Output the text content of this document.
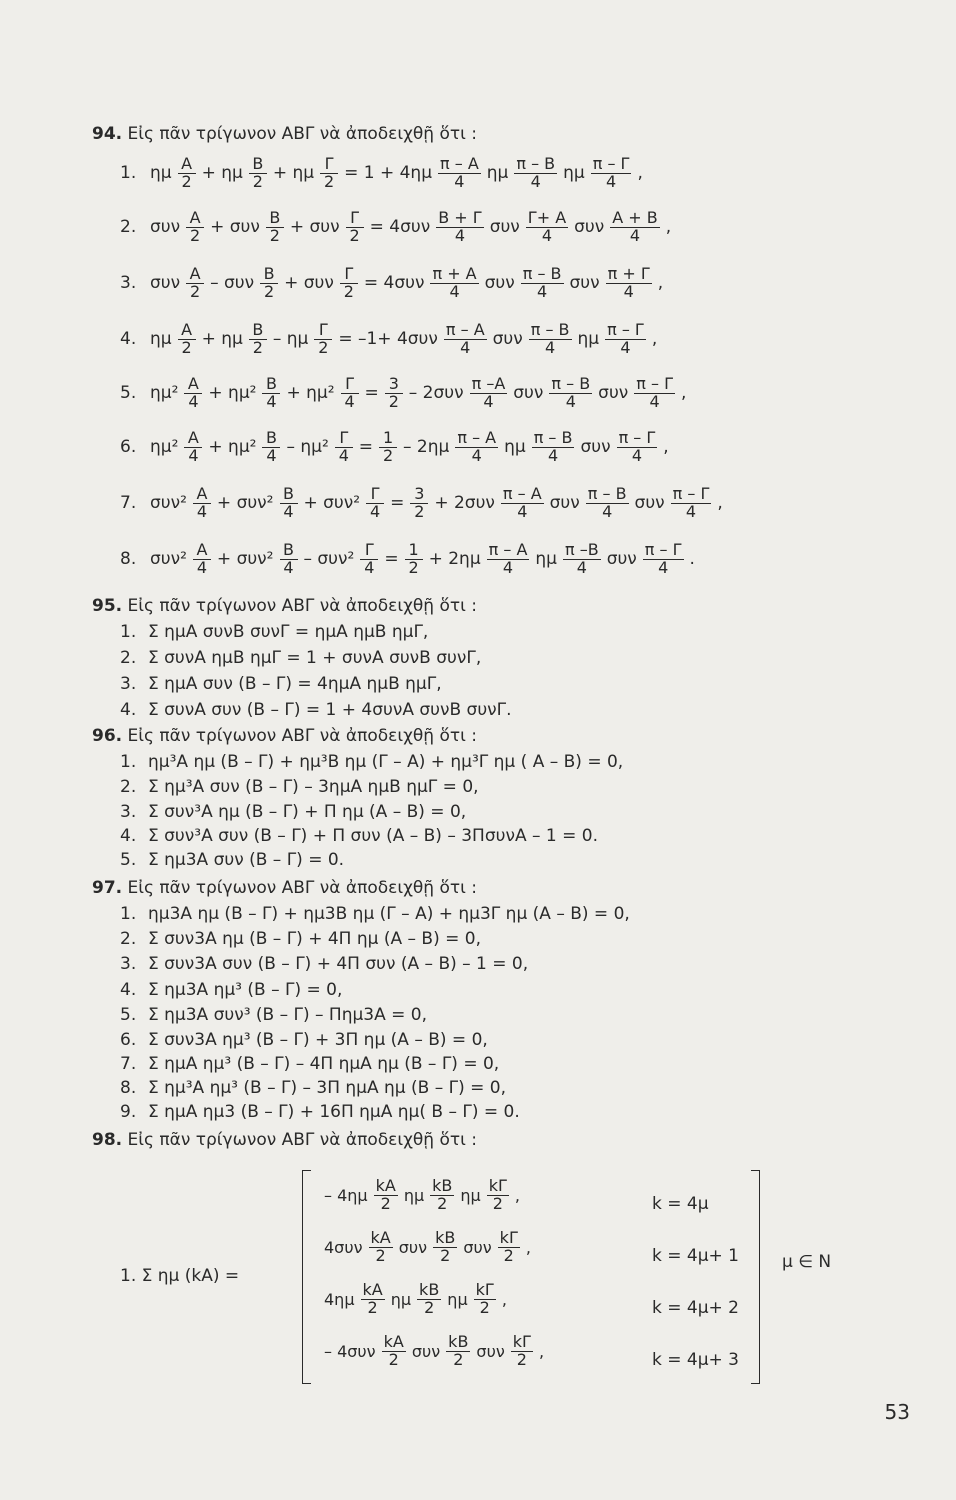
94. Εἰς πᾶν τρίγωνον ΑΒΓ νὰ ἀποδειχθῇ ὅτι :
1. ημ $\frac{A}{2} + \eta\mu \frac{B}{2} + \eta\mu \frac{\Gamma}{2} = 1 + 4\eta\mu \frac{\pi - A}{4}$ ημ $\frac{\pi - B}{4}$ ημ $\frac{\pi - \Gamma}{4}$ ,
2. συν $\frac{A}{2} + \sigma\upsilon\nu \frac{B}{2} + \sigma\upsilon\nu \frac{\Gamma}{2} = 4\sigma\upsilon\nu \frac{B + \Gamma}{4}$ συν $\frac{\Gamma+ A}{4}$ συν $\frac{A + B}{4}$ ,
3. συν $\frac{A}{2} - \sigma\upsilon\nu \frac{B}{2} + \sigma\upsilon\nu \frac{\Gamma}{2} = 4\sigma\upsilon\nu \frac{\pi + A}{4}$ συν $\frac{\pi - B}{4}$ συν $\frac{\pi + \Gamma}{4}$ ,
4. ημ $\frac{A}{2} + \eta\mu \frac{B}{2} - \eta\mu \frac{\Gamma}{2} = -1+ 4\sigma\upsilon\nu \frac{\pi - A}{4}$ συν $\frac{\pi - B}{4}$ ημ $\frac{\pi - \Gamma}{4}$ ,
5. $\eta\mu^2 \frac{A}{4} + \eta\mu^2 \frac{B}{4} + \eta\mu^2 \frac{\Gamma}{4} = \frac{3}{2} - 2\sigma\upsilon\nu \frac{\pi -A}{4}$ συν $\frac{\pi - B}{4}$ συν $\frac{\pi - \Gamma}{4}$ ,
6. $\eta\mu^2 \frac{A}{4} + \eta\mu^2 \frac{B}{4} - \eta\mu^2 \frac{\Gamma}{4} = \frac{1}{2} - 2\eta\mu \frac{\pi - A}{4}$ ημ $\frac{\pi - B}{4}$ συν $\frac{\pi - \Gamma}{4}$ ,
7. $\sigma\upsilon\nu^2 \frac{A}{4} + \sigma\upsilon\nu^2 \frac{B}{4} + \sigma\upsilon\nu^2 \frac{\Gamma}{4} = \frac{3}{2} + 2\sigma\upsilon\nu \frac{\pi - A}{4}$ συν $\frac{\pi - B}{4}$ συν $\frac{\pi - \Gamma}{4}$ ,
8. $\sigma\upsilon\nu^2 \frac{A}{4} + \sigma\upsilon\nu^2 \frac{B}{4} - \sigma\upsilon\nu^2 \frac{\Gamma}{4} = \frac{1}{2} + 2\eta\mu \frac{\pi - A}{4}$ ημ $\frac{\pi -B}{4}$ συν $\frac{\pi - \Gamma}{4}$ .
95. Εἰς πᾶν τρίγωνον ΑΒΓ νὰ ἀποδειχθῇ ὅτι :
1. Σ ημΑ συνΒ συνΓ = ημΑ ημΒ ημΓ,
2. Σ συνΑ ημΒ ημΓ = 1 + συνΑ συνΒ συνΓ,
3. Σ ημΑ συν (Β – Γ) = 4ημΑ ημΒ ημΓ,
4. Σ συνΑ συν (Β – Γ) = 1 + 4συνΑ συνΒ συνΓ.
96. Εἰς πᾶν τρίγωνον ΑΒΓ νὰ ἀποδειχθῇ ὅτι :
1. ημ³Α ημ (Β – Γ) + ημ³Β ημ (Γ – Α) + ημ³Γ ημ ( Α – Β) = 0,
2. Σ ημ³Α συν (Β – Γ) – 3ημΑ ημΒ ημΓ = 0,
3. Σ συν³Α ημ (Β – Γ) + Π ημ (Α – Β) = 0,
4. Σ συν³Α συν (Β – Γ) + Π συν (Α – Β) – 3ΠσυνΑ – 1 = 0.
5. Σ ημ3Α συν (Β – Γ) = 0.
97. Εἰς πᾶν τρίγωνον ΑΒΓ νὰ ἀποδειχθῇ ὅτι :
1. ημ3Α ημ (Β – Γ) + ημ3Β ημ (Γ – Α) + ημ3Γ ημ (Α – Β) = 0,
2. Σ συν3Α ημ (Β – Γ) + 4Π ημ (Α – Β) = 0,
3. Σ συν3Α συν (Β – Γ) + 4Π συν (Α – Β) – 1 = 0,
4. Σ ημ3Α ημ³ (Β – Γ) = 0,
5. Σ ημ3Α συν³ (Β – Γ) – Πημ3Α = 0,
6. Σ συν3Α ημ³ (Β – Γ) + 3Π ημ (Α – Β) = 0,
7. Σ ημΑ ημ³ (Β – Γ) – 4Π ημΑ ημ (Β – Γ) = 0,
8. Σ ημ³Α ημ³ (Β – Γ) – 3Π ημΑ ημ (Β – Γ) = 0,
9. Σ ημΑ ημ3 (Β – Γ) + 16Π ημΑ ημ( Β – Γ) = 0.
98. Εἰς πᾶν τρίγωνον ΑΒΓ νὰ ἀποδειχθῇ ὅτι :
1. Σ ημ (kΑ) =
– $4\eta\mu \frac{kA}{2}$ ημ $\frac{kB}{2}$ ημ $\frac{k\Gamma}{2}$ ,	k = 4μ
$4\sigma\upsilon\nu \frac{kA}{2}$ συν $\frac{kB}{2}$ συν $\frac{k\Gamma}{2}$ ,	k = 4μ+ 1
$4\eta\mu \frac{kA}{2}$ ημ $\frac{kB}{2}$ ημ $\frac{k\Gamma}{2}$ ,	k = 4μ+ 2
– $4\sigma\upsilon\nu \frac{kA}{2}$ συν $\frac{kB}{2}$ συν $\frac{k\Gamma}{2}$ ,	k = 4μ+ 3
μ ∈ N
53
